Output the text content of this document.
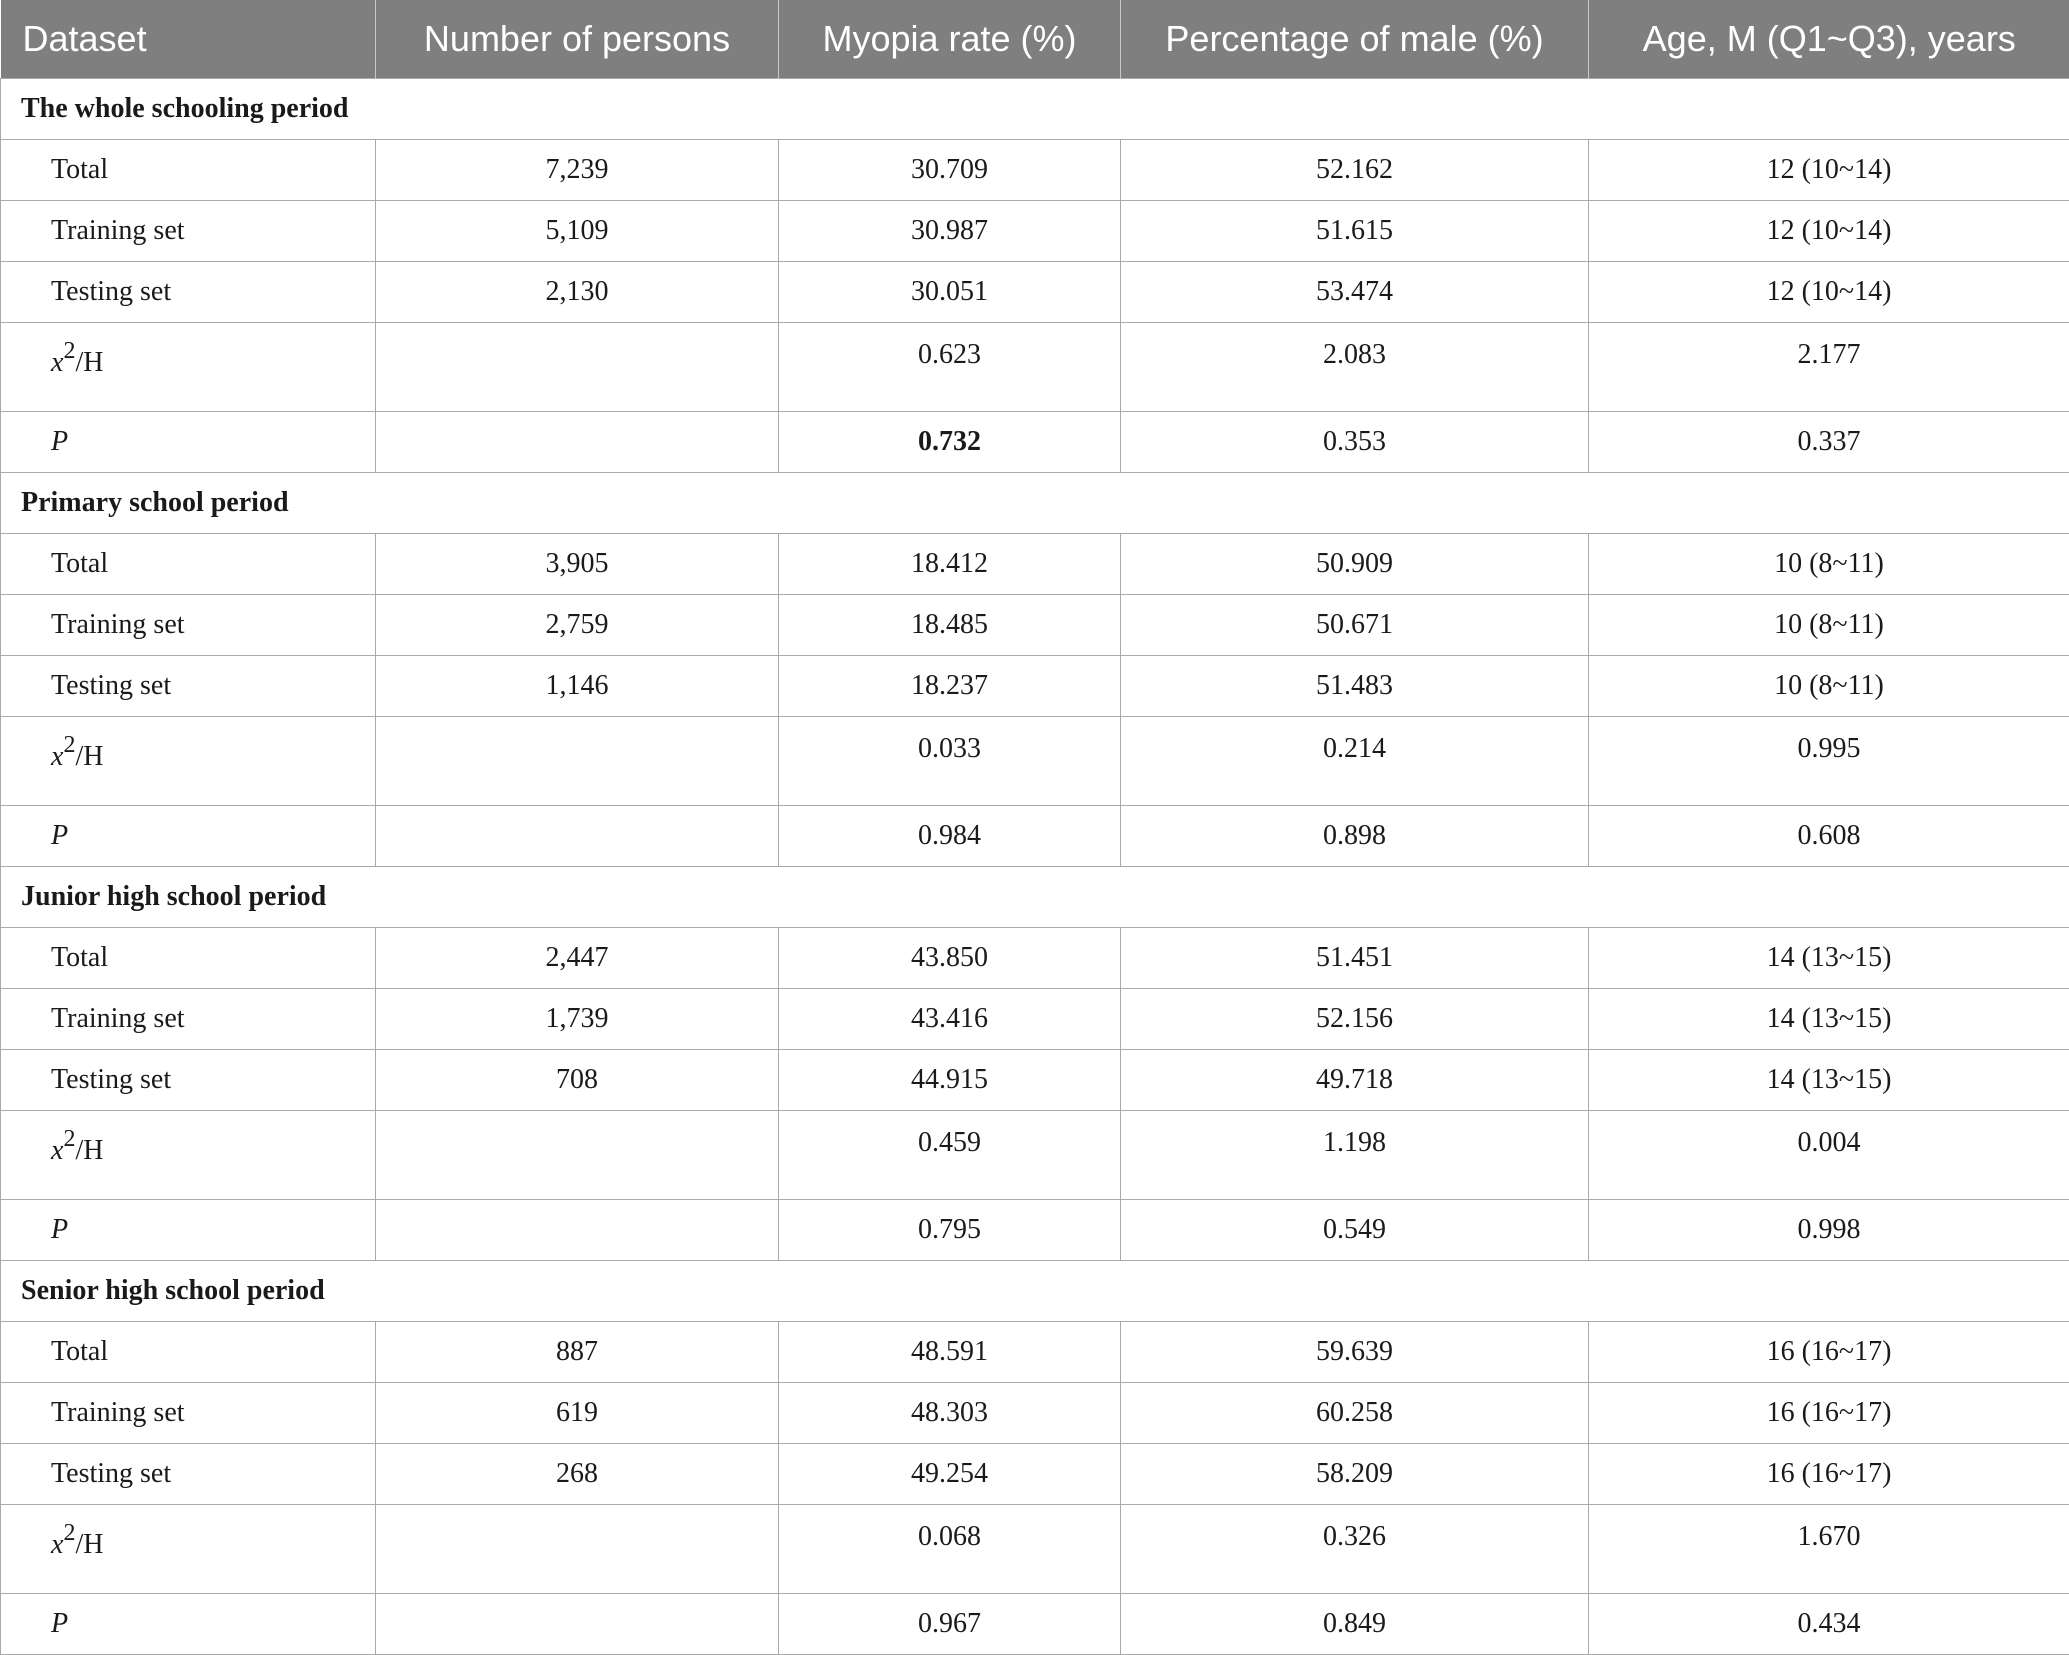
Dataset	Number of persons	Myopia rate (%)	Percentage of male (%)	Age, M (Q1~Q3), years
The whole schooling period				
Total	7,239	30.709	52.162	12 (10~14)
Training set	5,109	30.987	51.615	12 (10~14)
Testing set	2,130	30.051	53.474	12 (10~14)
x2/H		0.623	2.083	2.177
P		0.732	0.353	0.337
Primary school period				
Total	3,905	18.412	50.909	10 (8~11)
Training set	2,759	18.485	50.671	10 (8~11)
Testing set	1,146	18.237	51.483	10 (8~11)
x2/H		0.033	0.214	0.995
P		0.984	0.898	0.608
Junior high school period				
Total	2,447	43.850	51.451	14 (13~15)
Training set	1,739	43.416	52.156	14 (13~15)
Testing set	708	44.915	49.718	14 (13~15)
x2/H		0.459	1.198	0.004
P		0.795	0.549	0.998
Senior high school period				
Total	887	48.591	59.639	16 (16~17)
Training set	619	48.303	60.258	16 (16~17)
Testing set	268	49.254	58.209	16 (16~17)
x2/H		0.068	0.326	1.670
P		0.967	0.849	0.434
